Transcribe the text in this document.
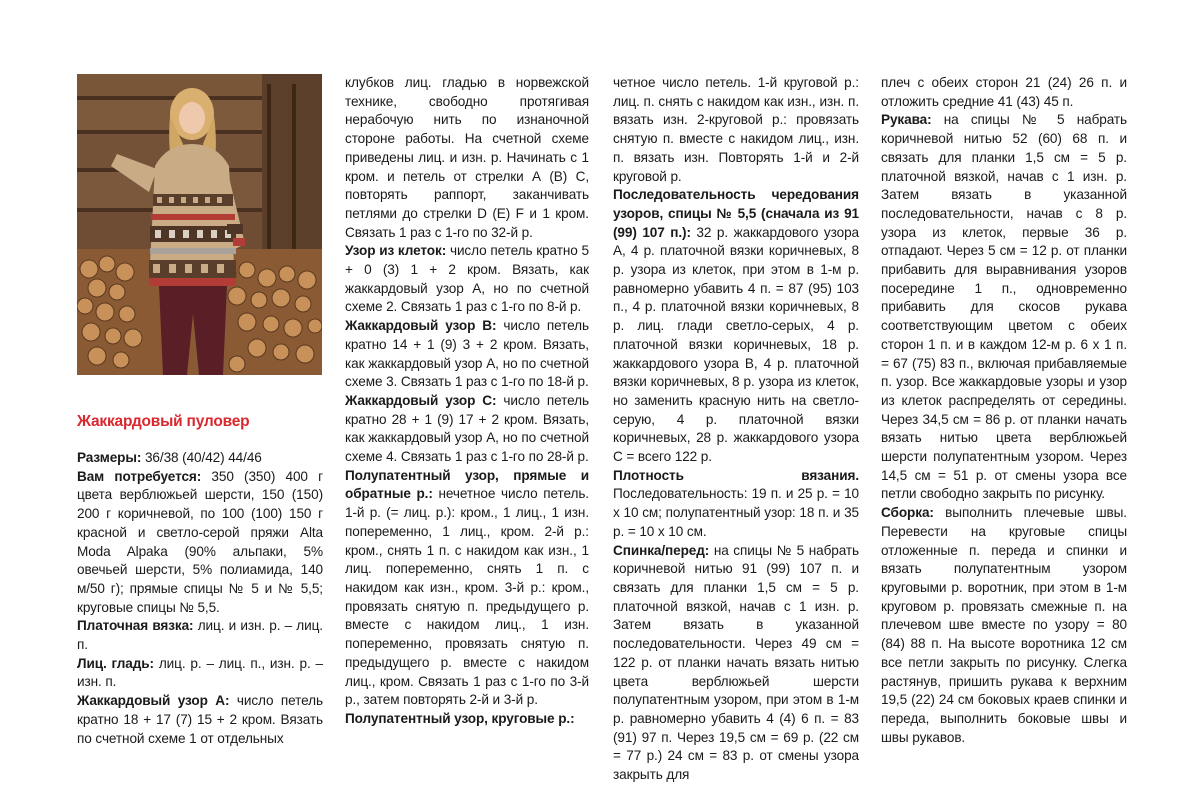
Жаккардовый пуловер

Размеры: 36/38 (40/42) 44/46

Вам потребуется: 350 (350) 400 г цвета верблюжьей шерсти, 150 (150) 200 г коричневой, по 100 (100) 150 г красной и светло-серой пряжи Alta Moda Alpaka (90% альпаки, 5% овечьей шерсти, 5% полиамида, 140 м/50 г); прямые спицы № 5 и № 5,5; круговые спицы № 5,5.

Платочная вязка: лиц. и изн. р. – лиц. п.

Лиц. гладь: лиц. р. – лиц. п., изн. р. – изн. п.

Жаккардовый узор А: число петель кратно 18 + 17 (7) 15 + 2 кром. Вязать по счетной схеме 1 от отдельных

клубков лиц. гладью в норвежской технике, свободно протягивая нерабочую нить по изнаночной стороне работы. На счетной схеме приведены лиц. и изн. р. Начинать с 1 кром. и петель от стрелки А (В) С, повторять раппорт, заканчивать петлями до стрелки D (E) F и 1 кром. Связать 1 раз с 1-го по 32-й р.

Узор из клеток: число петель кратно 5 + 0 (3) 1 + 2 кром. Вязать, как жаккардовый узор А, но по счетной схеме 2. Связать 1 раз с 1-го по 8-й р.

Жаккардовый узор В: число петель кратно 14 + 1 (9) 3 + 2 кром. Вязать, как жаккардовый узор А, но по счетной схеме 3. Связать 1 раз с 1-го по 18-й р.

Жаккардовый узор С: число петель кратно 28 + 1 (9) 17 + 2 кром. Вязать, как жаккардовый узор А, но по счетной схеме 4. Связать 1 раз с 1-го по 28-й р.

Полупатентный узор, прямые и обратные р.: нечетное число петель. 1-й р. (= лиц. р.): кром., 1 лиц., 1 изн. попеременно, 1 лиц., кром. 2-й р.: кром., снять 1 п. с накидом как изн., 1 лиц. попеременно, снять 1 п. с накидом как изн., кром. 3-й р.: кром., провязать снятую п. предыдущего р. вместе с накидом лиц., 1 изн. попеременно, провязать снятую п. предыдущего р. вместе с накидом лиц., кром. Связать 1 раз с 1-го по 3-й р., затем повторять 2-й и 3-й р.

Полупатентный узор, круговые р.:

четное число петель. 1-й круговой р.: лиц. п. снять с накидом как изн., изн. п. вязать изн. 2-круговой р.: провязать снятую п. вместе с накидом лиц., изн. п. вязать изн. Повторять 1-й и 2-й круговой р.

Последовательность чередования узоров, спицы № 5,5 (сначала из 91 (99) 107 п.): 32 р. жаккардового узора А, 4 р. платочной вязки коричневых, 8 р. узора из клеток, при этом в 1-м р. равномерно убавить 4 п. = 87 (95) 103 п., 4 р. платочной вязки коричневых, 8 р. лиц. глади светло-серых, 4 р. платочной вязки коричневых, 18 р. жаккардового узора В, 4 р. платочной вязки коричневых, 8 р. узора из клеток, но заменить красную нить на светло-серую, 4 р. платочной вязки коричневых, 28 р. жаккардового узора С = всего 122 р.

Плотность вязания. Последовательность: 19 п. и 25 р. = 10 х 10 см; полупатентный узор: 18 п. и 35 р. = 10 х 10 см.

Спинка/перед: на спицы № 5 набрать коричневой нитью 91 (99) 107 п. и связать для планки 1,5 см = 5 р. платочной вязкой, начав с 1 изн. р. Затем вязать в указанной последовательности. Через 49 см = 122 р. от планки начать вязать нитью цвета верблюжьей шерсти полупатентным узором, при этом в 1-м р. равномерно убавить 4 (4) 6 п. = 83 (91) 97 п. Через 19,5 см = 69 р. (22 см = 77 р.) 24 см = 83 р. от смены узора закрыть для

плеч с обеих сторон 21 (24) 26 п. и отложить средние 41 (43) 45 п.

Рукава: на спицы № 5 набрать коричневой нитью 52 (60) 68 п. и связать для планки 1,5 см = 5 р. платочной вязкой, начав с 1 изн. р. Затем вязать в указанной последовательности, начав с 8 р. узора из клеток, первые 36 р. отпадают. Через 5 см = 12 р. от планки прибавить для выравнивания узоров посередине 1 п., одновременно прибавить для скосов рукава соответствующим цветом с обеих сторон 1 п. и в каждом 12-м р. 6 х 1 п. = 67 (75) 83 п., включая прибавляемые п. узор. Все жаккардовые узоры и узор из клеток распределять от середины. Через 34,5 см = 86 р. от планки начать вязать нитью цвета верблюжьей шерсти полупатентным узором. Через 14,5 см = 51 р. от смены узора все петли свободно закрыть по рисунку.

Сборка: выполнить плечевые швы. Перевести на круговые спицы отложенные п. переда и спинки и вязать полупатентным узором круговыми р. воротник, при этом в 1-м круговом р. провязать смежные п. на плечевом шве вместе по узору = 80 (84) 88 п. На высоте воротника 12 см все петли закрыть по рисунку. Слегка растянув, пришить рукава к верхним 19,5 (22) 24 см боковых краев спинки и переда, выполнить боковые швы и швы рукавов.
